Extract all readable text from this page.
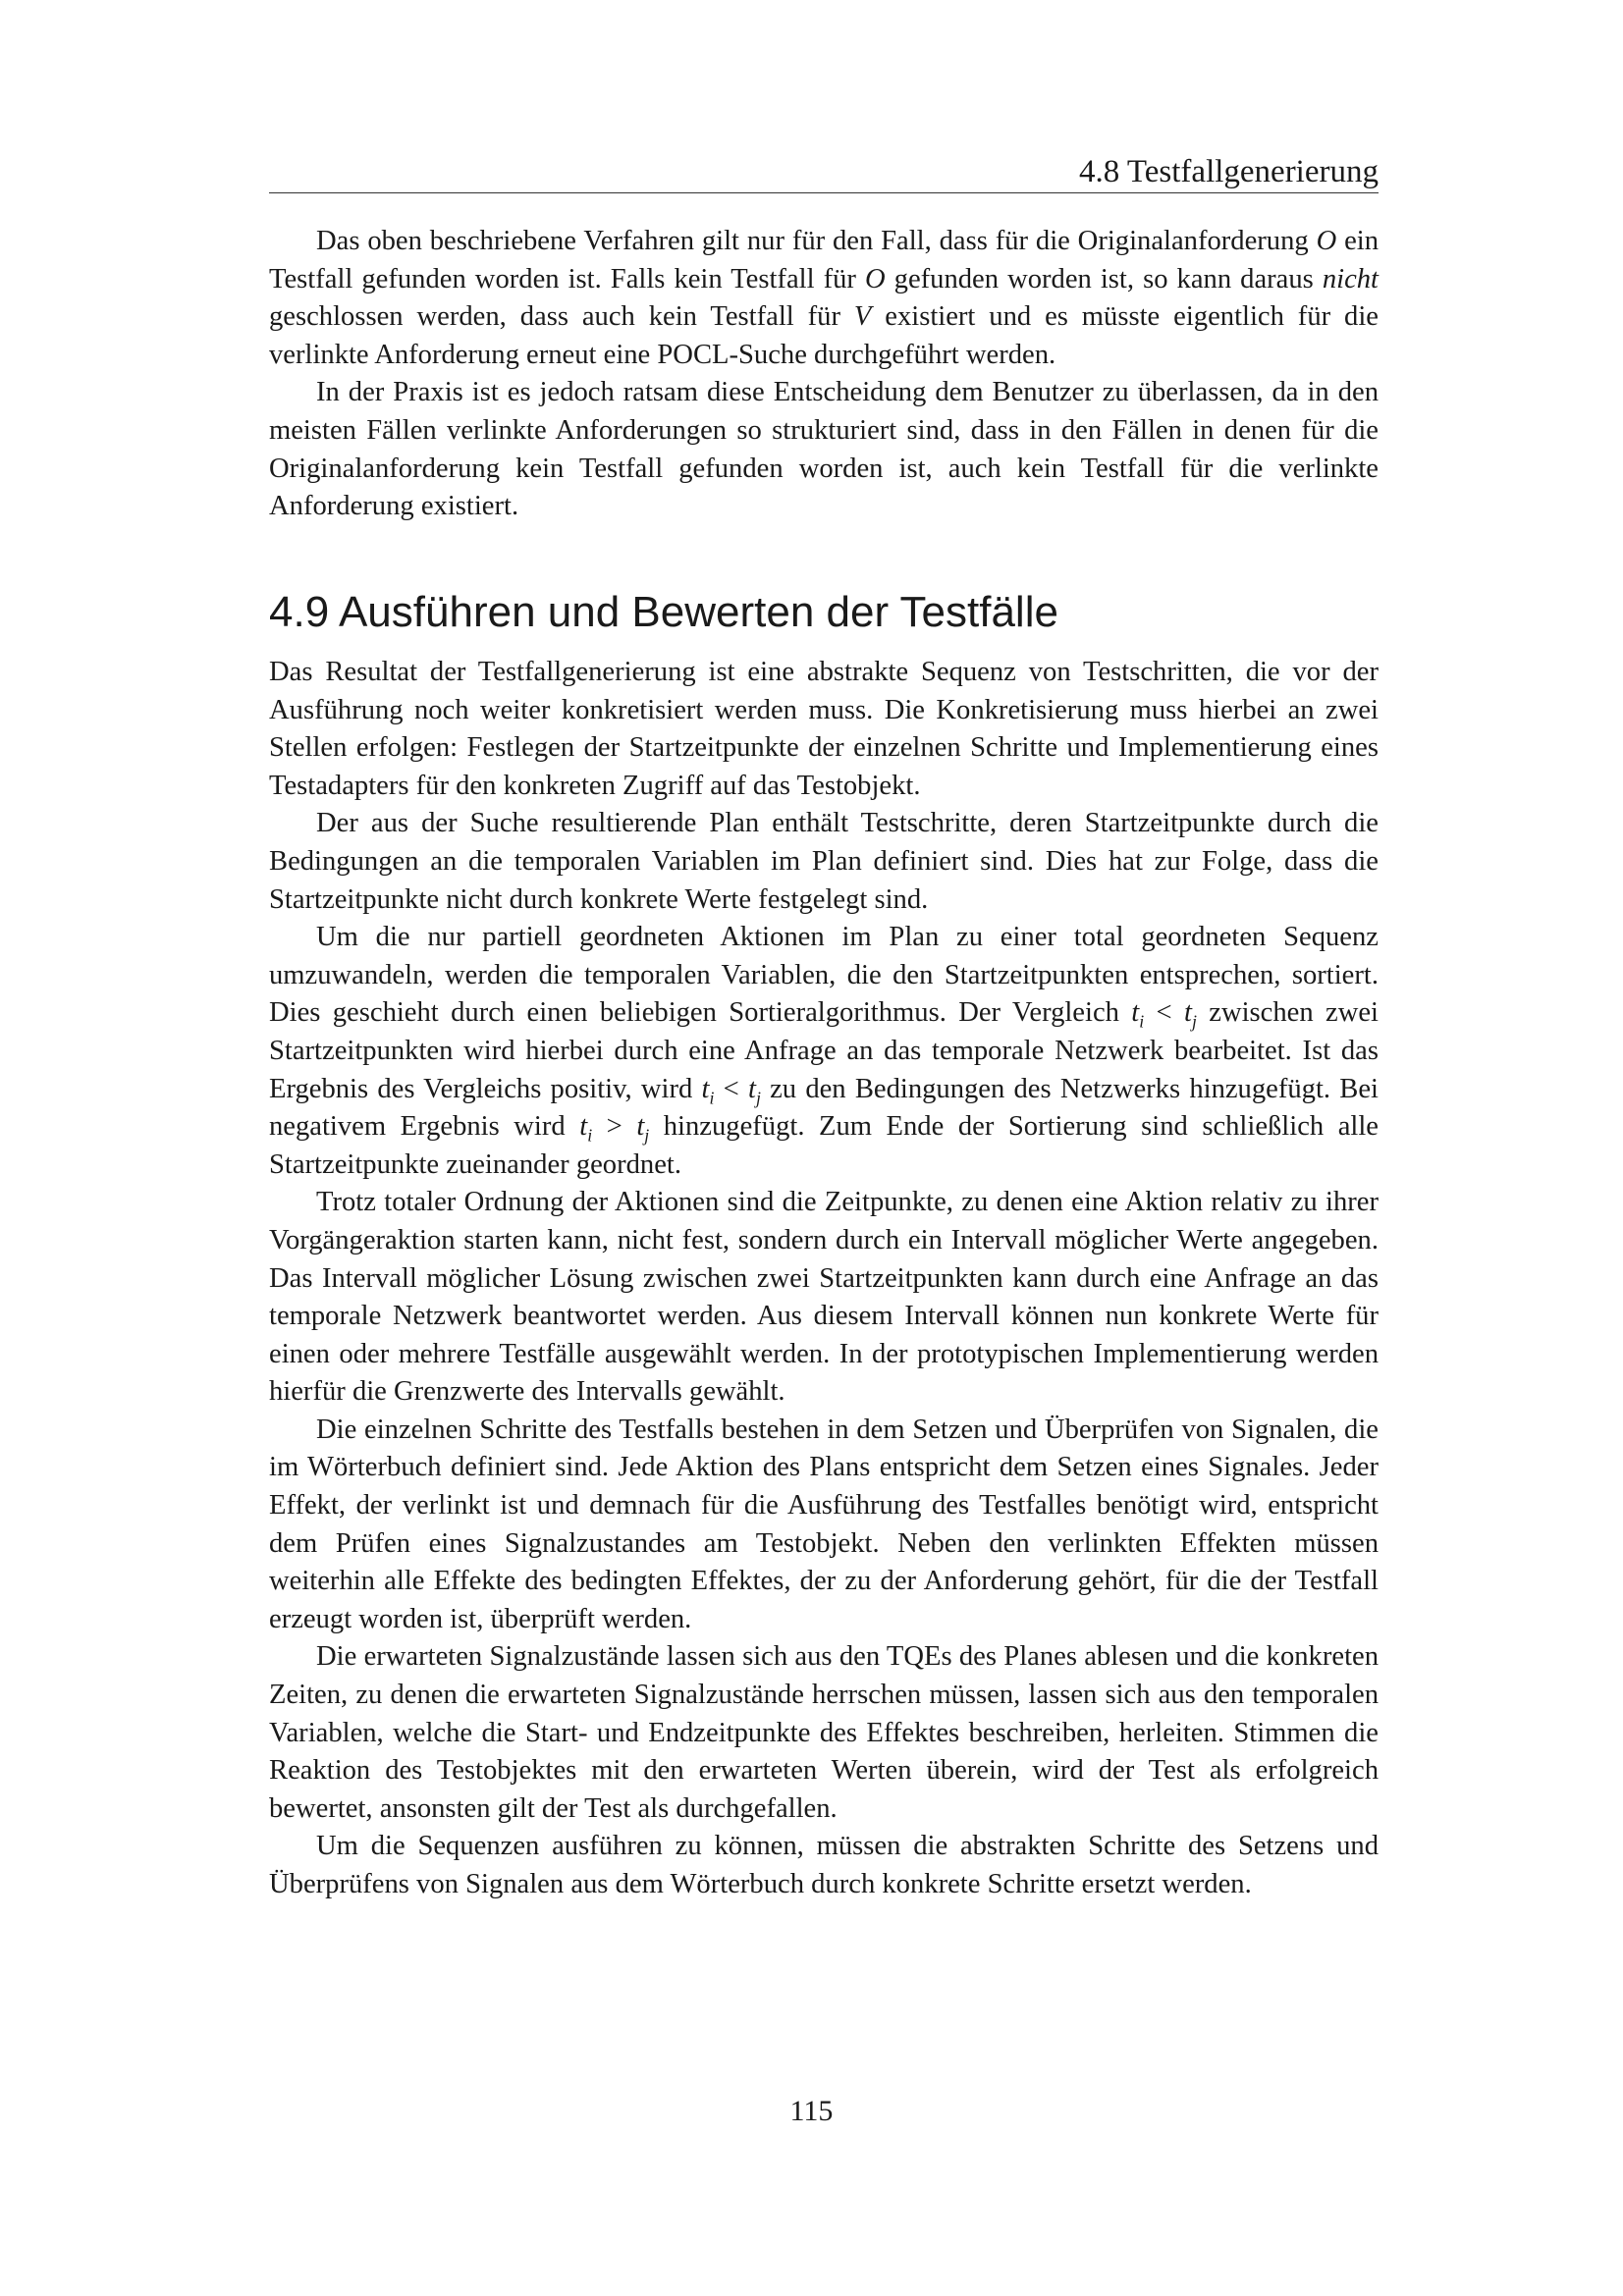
4.8 Testfallgenerierung

Das oben beschriebene Verfahren gilt nur für den Fall, dass für die Originalanforderung O ein Testfall gefunden worden ist. Falls kein Testfall für O gefunden worden ist, so kann daraus nicht geschlossen werden, dass auch kein Testfall für V existiert und es müsste eigentlich für die verlinkte Anforderung erneut eine POCL-Suche durchgeführt werden.

In der Praxis ist es jedoch ratsam diese Entscheidung dem Benutzer zu überlassen, da in den meisten Fällen verlinkte Anforderungen so strukturiert sind, dass in den Fällen in denen für die Originalanforderung kein Testfall gefunden worden ist, auch kein Testfall für die verlinkte Anforderung existiert.

4.9 Ausführen und Bewerten der Testfälle

Das Resultat der Testfallgenerierung ist eine abstrakte Sequenz von Testschritten, die vor der Ausführung noch weiter konkretisiert werden muss. Die Konkretisierung muss hierbei an zwei Stellen erfolgen: Festlegen der Startzeitpunkte der einzelnen Schritte und Implementierung eines Testadapters für den konkreten Zugriff auf das Testobjekt.

Der aus der Suche resultierende Plan enthält Testschritte, deren Startzeitpunkte durch die Bedingungen an die temporalen Variablen im Plan definiert sind. Dies hat zur Folge, dass die Startzeitpunkte nicht durch konkrete Werte festgelegt sind.

Um die nur partiell geordneten Aktionen im Plan zu einer total geordneten Sequenz umzuwandeln, werden die temporalen Variablen, die den Startzeitpunkten entsprechen, sortiert. Dies geschieht durch einen beliebigen Sortieralgorithmus. Der Vergleich $t_i < t_j$ zwischen zwei Startzeitpunkten wird hierbei durch eine Anfrage an das temporale Netzwerk bearbeitet. Ist das Ergebnis des Vergleichs positiv, wird $t_i < t_j$ zu den Bedingungen des Netzwerks hinzugefügt. Bei negativem Ergebnis wird $t_i > t_j$ hinzugefügt. Zum Ende der Sortierung sind schließlich alle Startzeitpunkte zueinander geordnet.

Trotz totaler Ordnung der Aktionen sind die Zeitpunkte, zu denen eine Aktion relativ zu ihrer Vorgängeraktion starten kann, nicht fest, sondern durch ein Intervall möglicher Werte angegeben. Das Intervall möglicher Lösung zwischen zwei Startzeitpunkten kann durch eine Anfrage an das temporale Netzwerk beantwortet werden. Aus diesem Intervall können nun konkrete Werte für einen oder mehrere Testfälle ausgewählt werden. In der prototypischen Implementierung werden hierfür die Grenzwerte des Intervalls gewählt.

Die einzelnen Schritte des Testfalls bestehen in dem Setzen und Überprüfen von Signalen, die im Wörterbuch definiert sind. Jede Aktion des Plans entspricht dem Setzen eines Signales. Jeder Effekt, der verlinkt ist und demnach für die Ausführung des Testfalles benötigt wird, entspricht dem Prüfen eines Signalzustandes am Testobjekt. Neben den verlinkten Effekten müssen weiterhin alle Effekte des bedingten Effektes, der zu der Anforderung gehört, für die der Testfall erzeugt worden ist, überprüft werden.

Die erwarteten Signalzustände lassen sich aus den TQEs des Planes ablesen und die konkreten Zeiten, zu denen die erwarteten Signalzustände herrschen müssen, lassen sich aus den temporalen Variablen, welche die Start- und Endzeitpunkte des Effektes beschreiben, herleiten. Stimmen die Reaktion des Testobjektes mit den erwarteten Werten überein, wird der Test als erfolgreich bewertet, ansonsten gilt der Test als durchgefallen.

Um die Sequenzen ausführen zu können, müssen die abstrakten Schritte des Setzens und Überprüfens von Signalen aus dem Wörterbuch durch konkrete Schritte ersetzt werden.

115
